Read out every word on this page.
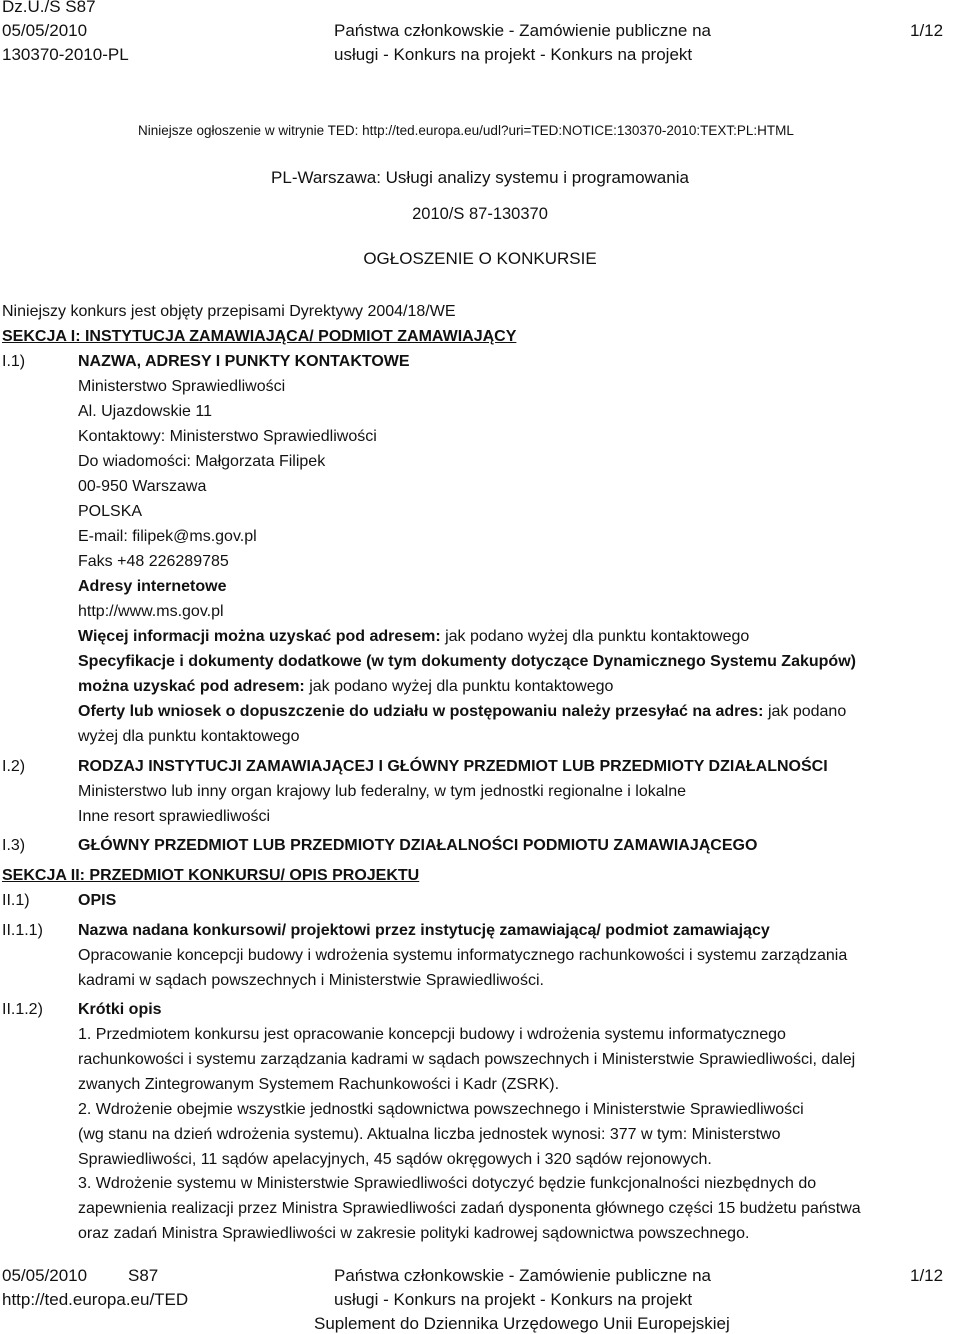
Dz.U./S S87
05/05/2010
130370-2010-PL
Państwa członkowskie - Zamówienie publiczne na
usługi - Konkurs na projekt - Konkurs na projekt
1/12
Niniejsze ogłoszenie w witrynie TED: http://ted.europa.eu/udl?uri=TED:NOTICE:130370-2010:TEXT:PL:HTML
PL-Warszawa: Usługi analizy systemu i programowania
2010/S 87-130370
OGŁOSZENIE O KONKURSIE
Niniejszy konkurs jest objęty przepisami Dyrektywy 2004/18/WE
SEKCJA I: INSTYTUCJA ZAMAWIAJĄCA/ PODMIOT ZAMAWIAJĄCY
I.1)	NAZWA, ADRESY I PUNKTY KONTAKTOWE
Ministerstwo Sprawiedliwości
Al. Ujazdowskie 11
Kontaktowy: Ministerstwo Sprawiedliwości
Do wiadomości: Małgorzata Filipek
00-950 Warszawa
POLSKA
E-mail: filipek@ms.gov.pl
Faks +48 226289785
Adresy internetowe
http://www.ms.gov.pl
Więcej informacji można uzyskać pod adresem: jak podano wyżej dla punktu kontaktowego
Specyfikacje i dokumenty dodatkowe (w tym dokumenty dotyczące Dynamicznego Systemu Zakupów)
można uzyskać pod adresem: jak podano wyżej dla punktu kontaktowego
Oferty lub wniosek o dopuszczenie do udziału w postępowaniu należy przesyłać na adres: jak podano
wyżej dla punktu kontaktowego
I.2)	RODZAJ INSTYTUCJI ZAMAWIAJĄCEJ I GŁÓWNY PRZEDMIOT LUB PRZEDMIOTY DZIAŁALNOŚCI
Ministerstwo lub inny organ krajowy lub federalny, w tym jednostki regionalne i lokalne
Inne resort sprawiedliwości
I.3)	GŁÓWNY PRZEDMIOT LUB PRZEDMIOTY DZIAŁALNOŚCI PODMIOTU ZAMAWIAJĄCEGO
SEKCJA II: PRZEDMIOT KONKURSU/ OPIS PROJEKTU
II.1)	OPIS
II.1.1) Nazwa nadana konkursowi/ projektowi przez instytucję zamawiającą/ podmiot zamawiający
Opracowanie koncepcji budowy i wdrożenia systemu informatycznego rachunkowości i systemu zarządzania
kadrami w sądach powszechnych i Ministerstwie Sprawiedliwości.
II.1.2) Krótki opis
1. Przedmiotem konkursu jest opracowanie koncepcji budowy i wdrożenia systemu informatycznego
rachunkowości i systemu zarządzania kadrami w sądach powszechnych i Ministerstwie Sprawiedliwości, dalej
zwanych Zintegrowanym Systemem Rachunkowości i Kadr (ZSRK).
2. Wdrożenie obejmie wszystkie jednostki sądownictwa powszechnego i Ministerstwie Sprawiedliwości
(wg stanu na dzień wdrożenia systemu). Aktualna liczba jednostek wynosi: 377 w tym: Ministerstwo
Sprawiedliwości, 11 sądów apelacyjnych, 45 sądów okręgowych i 320 sądów rejonowych.
3. Wdrożenie systemu w Ministerstwie Sprawiedliwości dotyczyć będzie funkcjonalności niezbędnych do
zapewnienia realizacji przez Ministra Sprawiedliwości zadań dysponenta głównego części 15 budżetu państwa
oraz zadań Ministra Sprawiedliwości w zakresie polityki kadrowej sądownictwa powszechnego.
05/05/2010 S87
http://ted.europa.eu/TED
Państwa członkowskie - Zamówienie publiczne na
usługi - Konkurs na projekt - Konkurs na projekt
Suplement do Dziennika Urzędowego Unii Europejskiej
1/12
